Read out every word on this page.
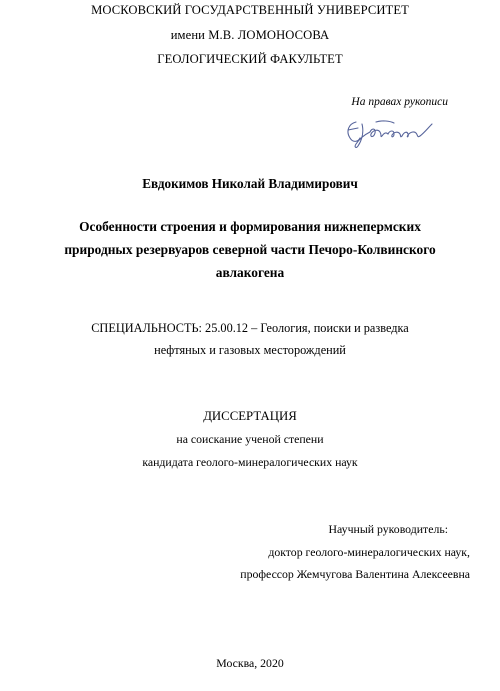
МОСКОВСКИЙ ГОСУДАРСТВЕННЫЙ УНИВЕРСИТЕТ

имени М.В. ЛОМОНОСОВА

ГЕОЛОГИЧЕСКИЙ ФАКУЛЬТЕТ

На правах рукописи

Евдокимов Николай Владимирович

Особенности строения и формирования нижнепермских

природных резервуаров северной части Печоро-Колвинского

авлакогена

СПЕЦИАЛЬНОСТЬ: 25.00.12 – Геология, поиски и разведка

нефтяных и газовых месторождений

ДИССЕРТАЦИЯ

на соискание ученой степени

кандидата геолого-минералогических наук

Научный руководитель:
доктор геолого-минералогических наук,
профессор Жемчугова Валентина Алексеевна

Москва, 2020
